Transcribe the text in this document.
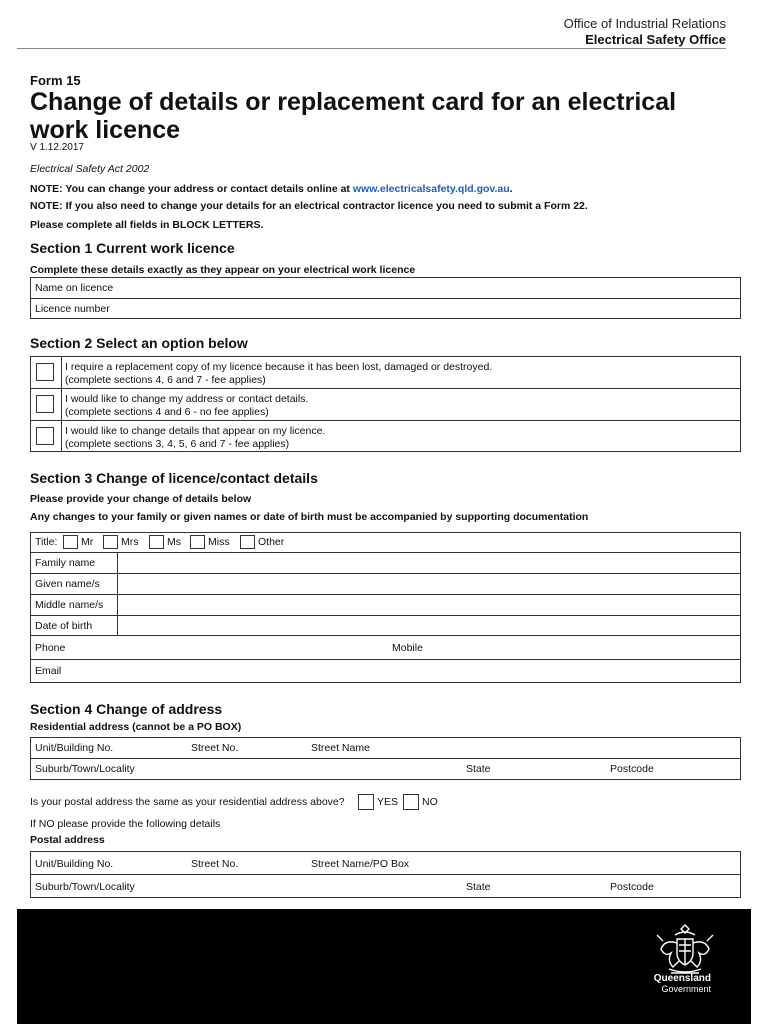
Office of Industrial Relations
Electrical Safety Office
Form 15
Change of details or replacement card for an electrical work licence
V 1.12.2017
Electrical Safety Act 2002
NOTE: You can change your address or contact details online at www.electricalsafety.qld.gov.au.
NOTE: If you also need to change your details for an electrical contractor licence you need to submit a Form 22.
Please complete all fields in BLOCK LETTERS.
Section 1 Current work licence
Complete these details exactly as they appear on your electrical work licence
Name on licence
Licence number
Section 2 Select an option below
I require a replacement copy of my licence because it has been lost, damaged or destroyed.
(complete sections 4, 6 and 7 - fee applies)
I would like to change my address or contact details.
(complete sections 4 and 6 - no fee applies)
I would like to change details that appear on my licence.
(complete sections 3, 4, 5, 6 and 7 - fee applies)
Section 3 Change of licence/contact details
Please provide your change of details below
Any changes to your family or given names or date of birth must be accompanied by supporting documentation
Title: Mr	Mrs	Ms	Miss	Other
Family name
Given name/s
Middle name/s
Date of birth
Phone	Mobile
Email
Section 4 Change of address
Residential address (cannot be a PO BOX)
Unit/Building No.	Street No.	Street Name
Suburb/Town/Locality	State	Postcode
Is your postal address the same as your residential address above?	YES NO
If NO please provide the following details
Postal address
Unit/Building No.	Street No.	Street Name/PO Box
Suburb/Town/Locality	State	Postcode
Queensland
Government
